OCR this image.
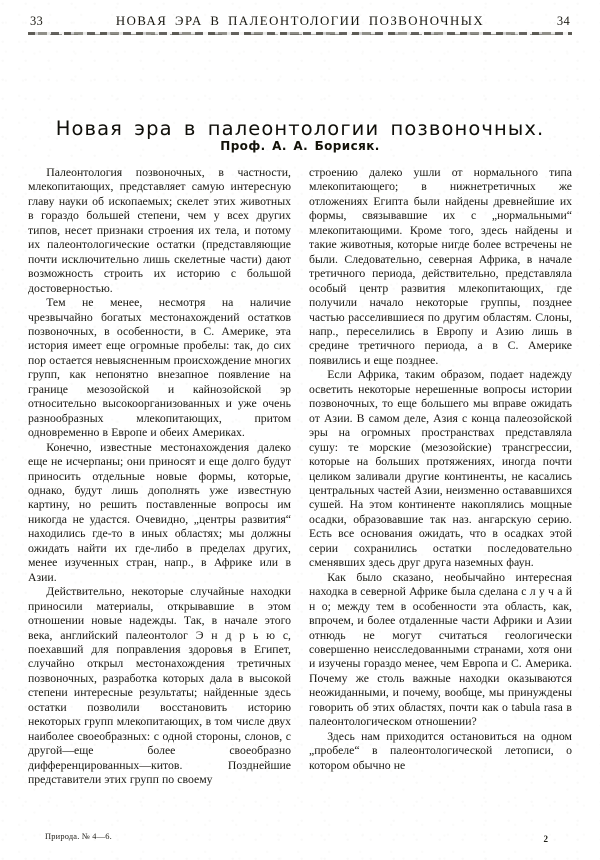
33	НОВАЯ ЭРА В ПАЛЕОНТОЛОГИИ ПОЗВОНОЧНЫХ	34
Новая эра в палеонтологии позвоночных.
Проф. А. А. Борисяк.

Палеонтология позвоночных, в частности, млекопитающих, представляет самую интересную главу науки об ископаемых; скелет этих животных в гораздо большей степени, чем у всех других типов, несет признаки строения их тела, и потому их палеонтологические остатки (представляющие почти исключительно лишь скелетные части) дают возможность строить их историю с большой достоверностью.

Тем не менее, несмотря на наличие чрезвычайно богатых местонахождений остатков позвоночных, в особенности, в С. Америке, эта история имеет еще огромные пробелы: так, до сих пор остается невыясненным происхождение многих групп, как непонятно внезапное появление на границе мезозойской и кайнозойской эр относительно высокоорганизованных и уже очень разнообразных млекопитающих, притом одновременно в Европе и обеих Америках.

Конечно, известные местонахождения далеко еще не исчерпаны; они приносят и еще долго будут приносить отдельные новые формы, которые, однако, будут лишь дополнять уже известную картину, но решить поставленные вопросы им никогда не удастся. Очевидно, „центры развития“ находились где-то в иных областях; мы должны ожидать найти их где-либо в пределах других, менее изученных стран, напр., в Африке или в Азии.

Действительно, некоторые случайные находки приносили материалы, открывавшие в этом отношении новые надежды. Так, в начале этого века, английский палеонтолог Э н д р ь ю с, поехавший для поправления здоровья в Египет, случайно открыл местонахождения третичных позвоночных, разработка которых дала в высокой степени интересные результаты; найденные здесь остатки позволили восстановить историю некоторых групп млекопитающих, в том числе двух наиболее своеобразных: с одной стороны, слонов, с другой—еще более своеобразно дифференцированных—китов. Позднейшие представители этих групп по своему

строению далеко ушли от нормального типа млекопитающего; в нижнетретичных же отложениях Египта были найдены древнейшие их формы, связывавшие их с „нормальными“ млекопитающими. Кроме того, здесь найдены и такие животныя, которые нигде более встречены не были. Следовательно, северная Африка, в начале третичного периода, действительно, представляла особый центр развития млекопитающих, где получили начало некоторые группы, позднее частью расселившиеся по другим областям. Слоны, напр., переселились в Европу и Азию лишь в средине третичного периода, а в С. Америке появились и еще позднее.

Если Африка, таким образом, подает надежду осветить некоторые нерешенные вопросы истории позвоночных, то еще большего мы вправе ожидать от Азии. В самом деле, Азия с конца палеозойской эры на огромных пространствах представляла сушу: те морские (мезозойские) трансгрессии, которые на больших протяжениях, иногда почти целиком заливали другие континенты, не касались центральных частей Азии, неизменно остававшихся сушей. На этом континенте накоплялись мощные осадки, образовавшие так наз. ангарскую серию. Есть все основания ожидать, что в осадках этой серии сохранились остатки последовательно сменявших здесь друг друга наземных фаун.

Как было сказано, необычайно интересная находка в северной Африке была сделана с л у ч а й н о; между тем в особенности эта область, как, впрочем, и более отдаленные части Африки и Азии отнюдь не могут считаться геологически совершенно неисследованными странами, хотя они и изучены гораздо менее, чем Европа и С. Америка. Почему же столь важные находки оказываются неожиданными, и почему, вообще, мы принуждены говорить об этих областях, почти как о tabula rasa в палеонтологическом отношении?

Здесь нам приходится остановиться на одном „пробеле“ в палеонтологической летописи, о котором обычно не

Природа. № 4—6.	2
